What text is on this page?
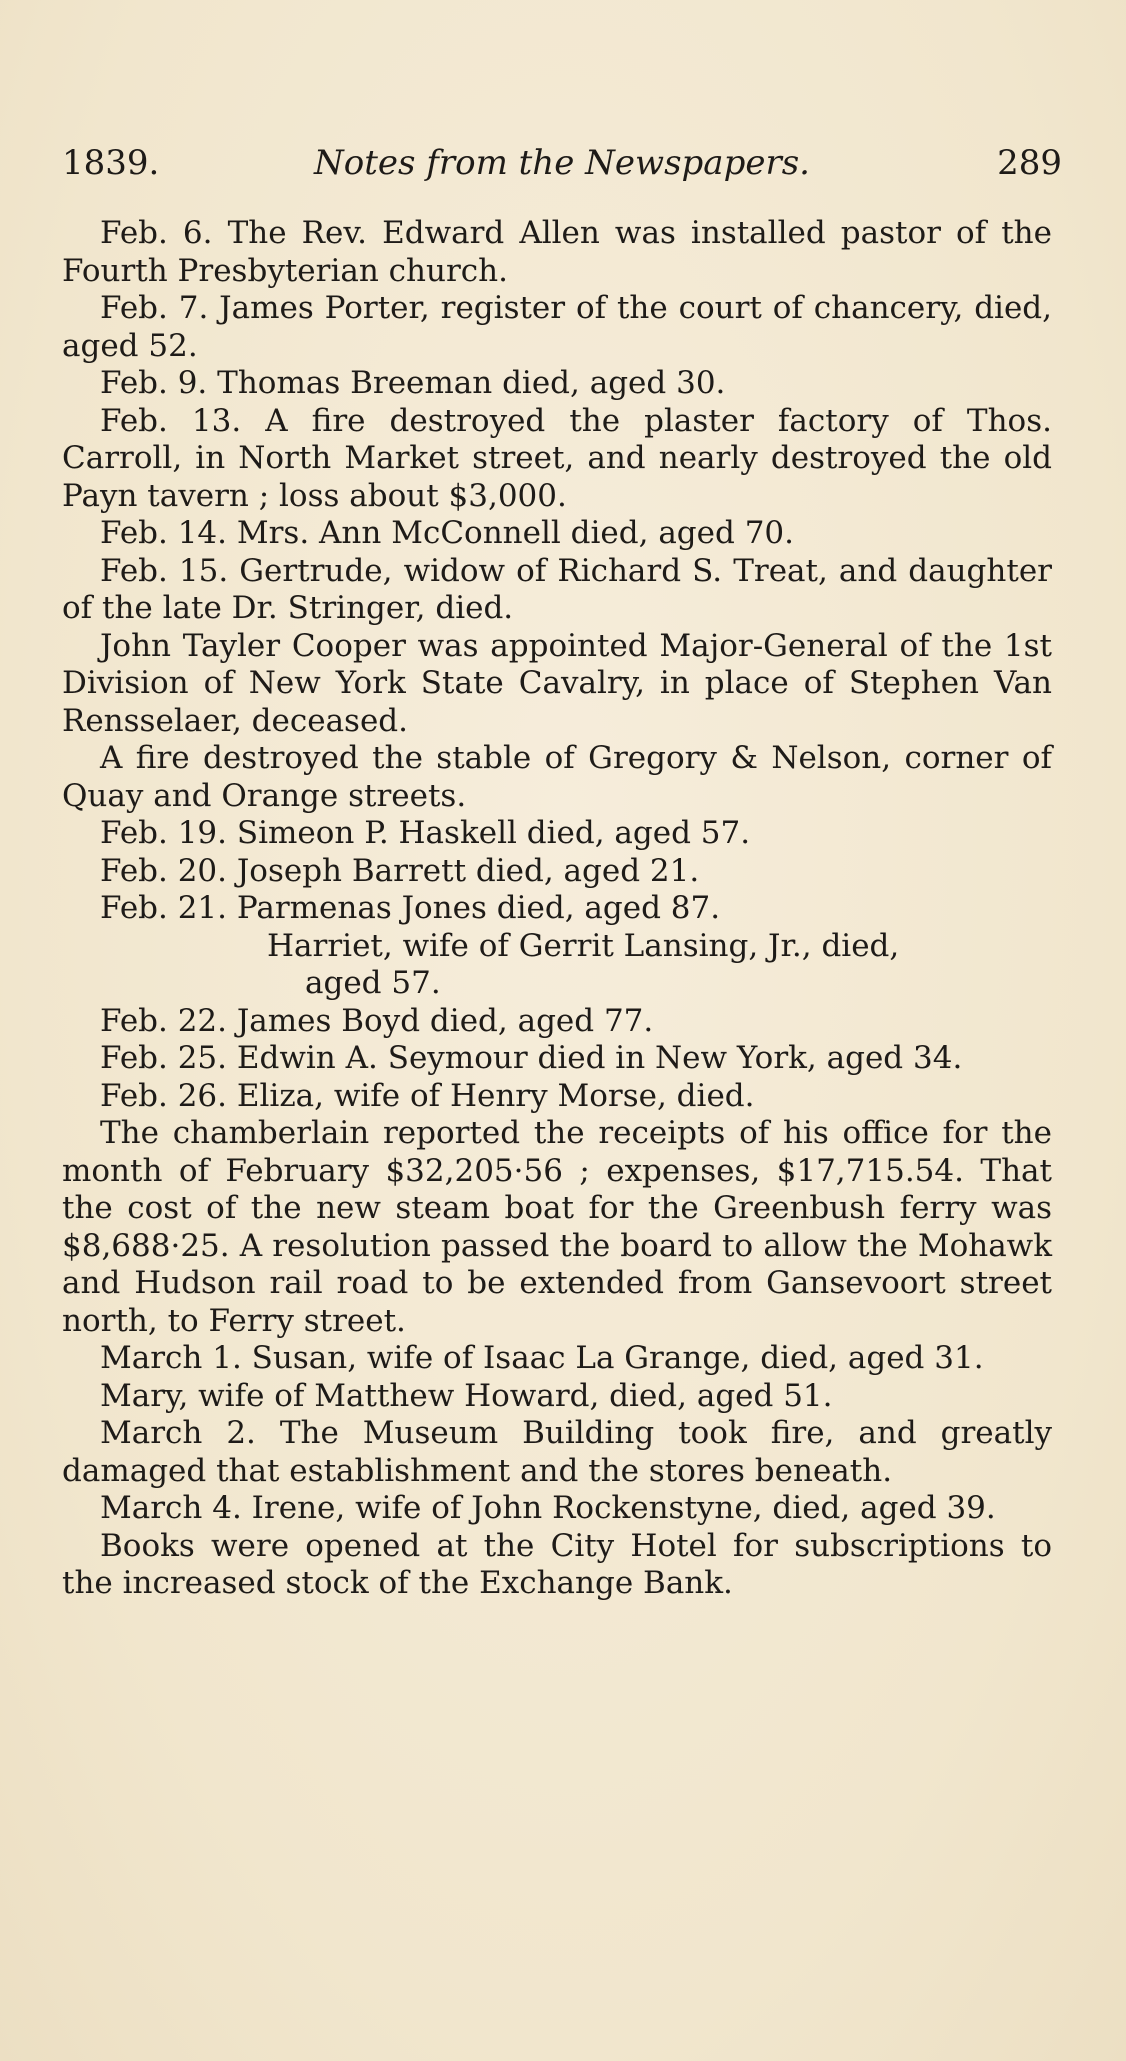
1839.	Notes from the Newspapers.	289

Feb. 6. The Rev. Edward Allen was installed pastor of the Fourth Presbyterian church.

Feb. 7. James Porter, register of the court of chancery, died, aged 52.

Feb. 9. Thomas Breeman died, aged 30.

Feb. 13. A fire destroyed the plaster factory of Thos. Carroll, in North Market street, and nearly destroyed the old Payn tavern ; loss about $3,000.

Feb. 14. Mrs. Ann McConnell died, aged 70.

Feb. 15. Gertrude, widow of Richard S. Treat, and daughter of the late Dr. Stringer, died.

John Tayler Cooper was appointed Major-General of the 1st Division of New York State Cavalry, in place of Stephen Van Rensselaer, deceased.

A fire destroyed the stable of Gregory & Nelson, corner of Quay and Orange streets.

Feb. 19. Simeon P. Haskell died, aged 57.

Feb. 20. Joseph Barrett died, aged 21.

Feb. 21. Parmenas Jones died, aged 87.

Harriet, wife of Gerrit Lansing, Jr., died,
aged 57.

Feb. 22. James Boyd died, aged 77.

Feb. 25. Edwin A. Seymour died in New York, aged 34.

Feb. 26. Eliza, wife of Henry Morse, died.

The chamberlain reported the receipts of his office for the month of February $32,205·56 ; expenses, $17,715.54. That the cost of the new steam boat for the Greenbush ferry was $8,688·25. A resolution passed the board to allow the Mohawk and Hudson rail road to be extended from Gansevoort street north, to Ferry street.

March 1. Susan, wife of Isaac La Grange, died, aged 31.

Mary, wife of Matthew Howard, died, aged 51.

March 2. The Museum Building took fire, and greatly damaged that establishment and the stores beneath.

March 4. Irene, wife of John Rockenstyne, died, aged 39.

Books were opened at the City Hotel for subscriptions to the increased stock of the Exchange Bank.
